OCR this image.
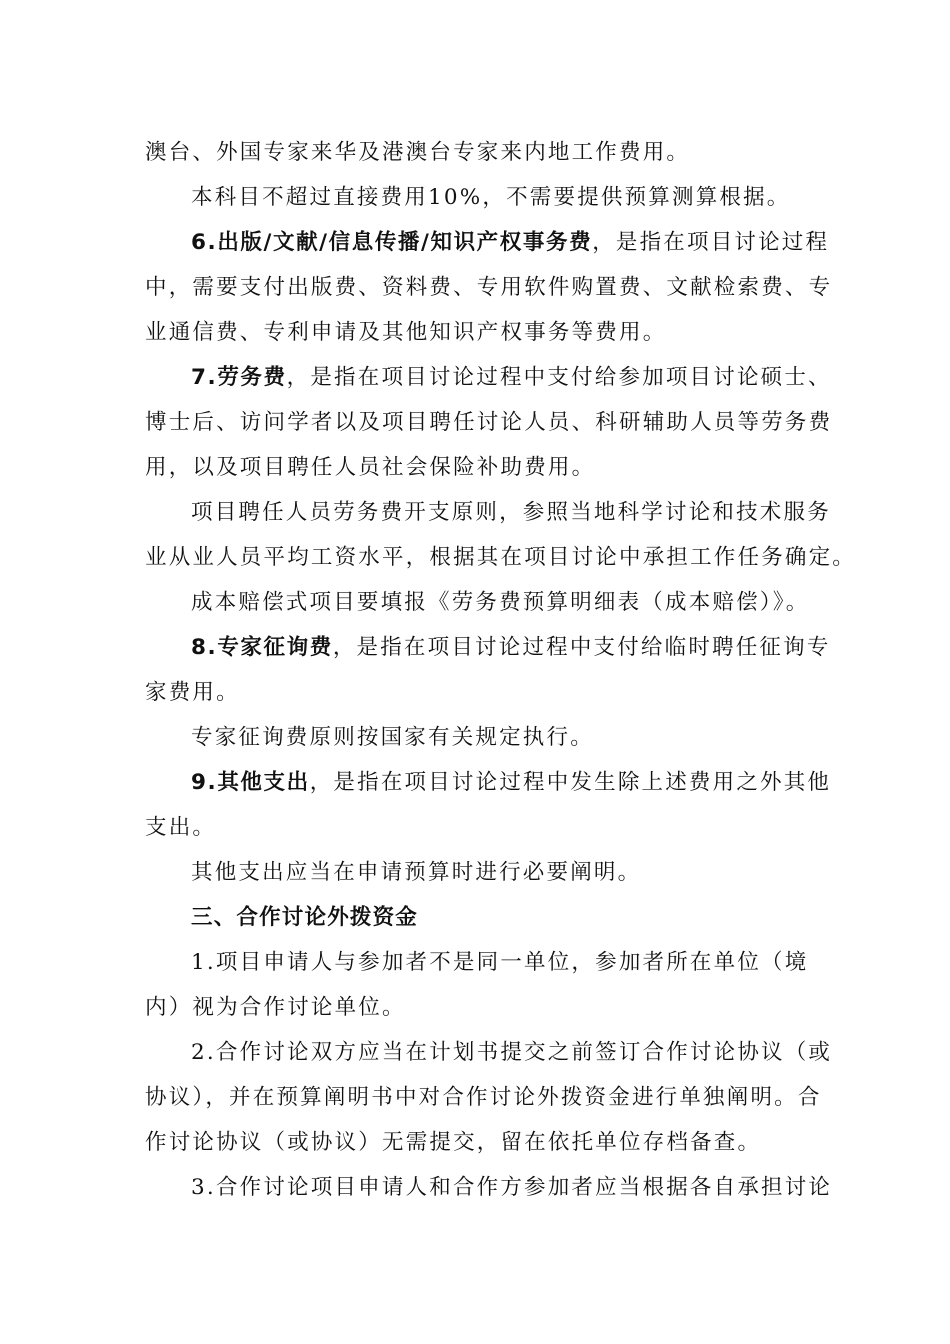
澳台、外国专家来华及港澳台专家来内地工作费用。
本科目不超过直接费用10%，不需要提供预算测算根据。
6.出版/文献/信息传播/知识产权事务费，是指在项目讨论过程
中，需要支付出版费、资料费、专用软件购置费、文献检索费、专
业通信费、专利申请及其他知识产权事务等费用。
7.劳务费，是指在项目讨论过程中支付给参加项目讨论硕士、
博士后、访问学者以及项目聘任讨论人员、科研辅助人员等劳务费
用，以及项目聘任人员社会保险补助费用。
项目聘任人员劳务费开支原则，参照当地科学讨论和技术服务
业从业人员平均工资水平，根据其在项目讨论中承担工作任务确定。
成本赔偿式项目要填报《劳务费预算明细表（成本赔偿）》。
8.专家征询费，是指在项目讨论过程中支付给临时聘任征询专
家费用。
专家征询费原则按国家有关规定执行。
9.其他支出，是指在项目讨论过程中发生除上述费用之外其他
支出。
其他支出应当在申请预算时进行必要阐明。
三、合作讨论外拨资金
1.项目申请人与参加者不是同一单位，参加者所在单位（境
内）视为合作讨论单位。
2.合作讨论双方应当在计划书提交之前签订合作讨论协议（或
协议），并在预算阐明书中对合作讨论外拨资金进行单独阐明。合
作讨论协议（或协议）无需提交，留在依托单位存档备查。
3.合作讨论项目申请人和合作方参加者应当根据各自承担讨论
